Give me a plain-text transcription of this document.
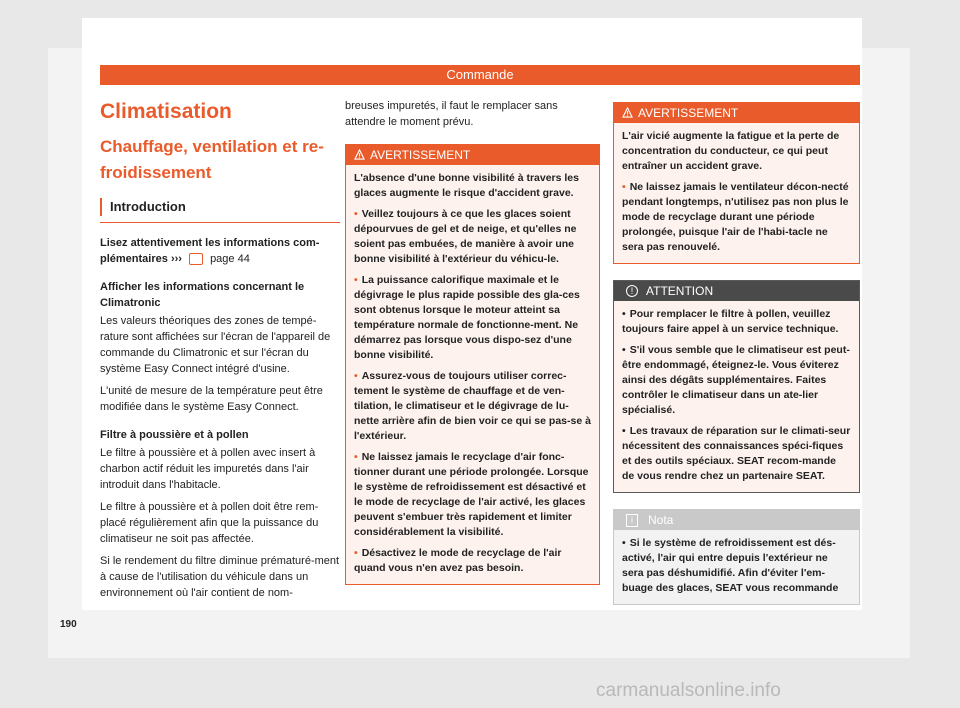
Commande
Climatisation
Chauffage, ventilation et re-
froidissement
Introduction

Lisez attentivement les informations com-plémentaires ›››	page 44

Afficher les informations concernant le Climatronic

Les valeurs théoriques des zones de tempé-rature sont affichées sur l'écran de l'appareil de commande du Climatronic et sur l'écran du système Easy Connect intégré d'usine.

L'unité de mesure de la température peut être modifiée dans le système Easy Connect.

Filtre à poussière et à pollen

Le filtre à poussière et à pollen avec insert à charbon actif réduit les impuretés dans l'air introduit dans l'habitacle.

Le filtre à poussière et à pollen doit être rem-placé régulièrement afin que la puissance du climatiseur ne soit pas affectée.

Si le rendement du filtre diminue prématuré-ment à cause de l'utilisation du véhicule dans un environnement où l'air contient de nom-

breuses impuretés, il faut le remplacer sans attendre le moment prévu.

AVERTISSEMENT

L'absence d'une bonne visibilité à travers les glaces augmente le risque d'accident grave.

• Veillez toujours à ce que les glaces soient dépourvues de gel et de neige, et qu'elles ne soient pas embuées, de manière à avoir une bonne visibilité à l'extérieur du véhicu-le.

• La puissance calorifique maximale et le dégivrage le plus rapide possible des gla-ces sont obtenus lorsque le moteur atteint sa température normale de fonctionne-ment. Ne démarrez pas lorsque vous dispo-sez d'une bonne visibilité.

• Assurez-vous de toujours utiliser correc-tement le système de chauffage et de ven-tilation, le climatiseur et le dégivrage de lu-nette arrière afin de bien voir ce qui se pas-se à l'extérieur.

• Ne laissez jamais le recyclage d'air fonc-tionner durant une période prolongée. Lorsque le système de refroidissement est désactivé et le mode de recyclage de l'air activé, les glaces peuvent s'embuer très rapidement et limiter considérablement la visibilité.

• Désactivez le mode de recyclage de l'air quand vous n'en avez pas besoin.

AVERTISSEMENT

L'air vicié augmente la fatigue et la perte de concentration du conducteur, ce qui peut entraîner un accident grave.

• Ne laissez jamais le ventilateur décon-necté pendant longtemps, n'utilisez pas non plus le mode de recyclage durant une période prolongée, puisque l'air de l'habi-tacle ne sera pas renouvelé.

!	ATTENTION

• Pour remplacer le filtre à pollen, veuillez toujours faire appel à un service technique.

• S'il vous semble que le climatiseur est peut-être endommagé, éteignez-le. Vous éviterez ainsi des dégâts supplémentaires. Faites contrôler le climatiseur dans un ate-lier spécialisé.

• Les travaux de réparation sur le climati-seur nécessitent des connaissances spéci-fiques et des outils spéciaux. SEAT recom-mande de vous rendre chez un partenaire SEAT.

i	Nota

• Si le système de refroidissement est dés-activé, l'air qui entre depuis l'extérieur ne sera pas déshumidifié. Afin d'éviter l'em-buage des glaces, SEAT vous recommande

190
carmanualsonline.info
